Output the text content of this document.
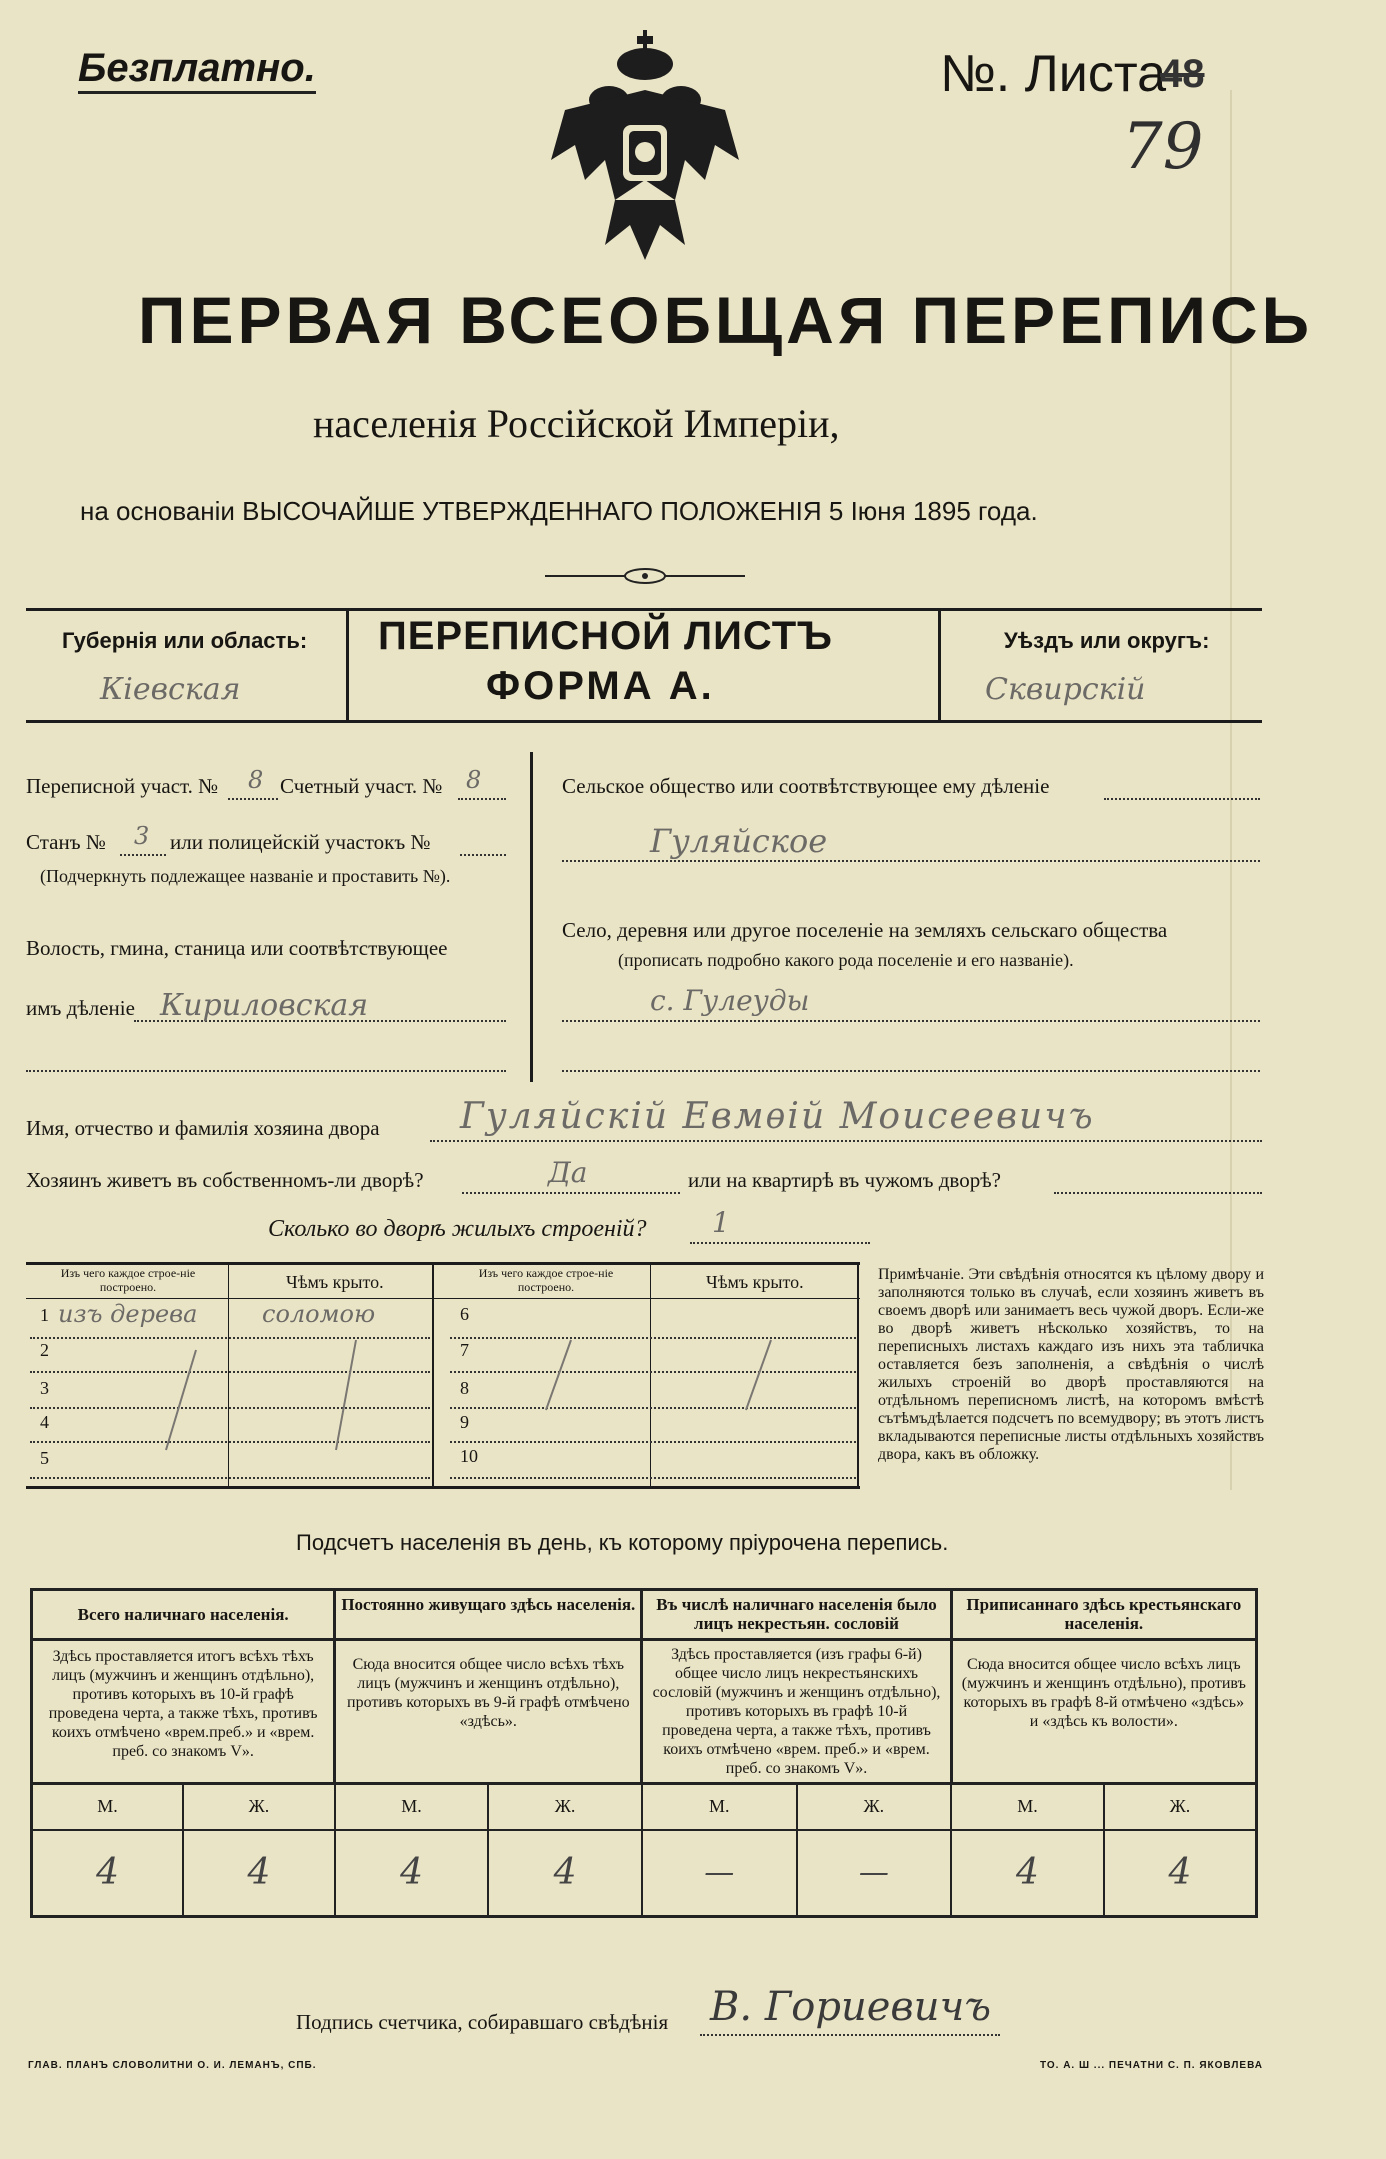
Безплатно.	№. Листа
48
79
ПЕРВАЯ ВСЕОБЩАЯ ПЕРЕПИСЬ
населенія Россійской Имперіи,
на основаніи ВЫСОЧАЙШЕ УТВЕРЖДЕННАГО ПОЛОЖЕНІЯ 5 Іюня 1895 года.
Губернія или область:
Кіевская
ПЕРЕПИСНОЙ ЛИСТЪ
ФОРМА А.
Уѣздъ или округъ:
Сквирскій
Переписной участ. № 8 Счетный участ. № 8
Станъ № 3 или полицейскій участокъ №
(Подчеркнуть подлежащее названіе и проставить №).
Волость, гмина, станица или соотвѣтствующее
имъ дѣленіе Кириловская
Сельское общество или соотвѣтствующее ему дѣленіе
Гуляйское
Село, деревня или другое поселеніе на земляхъ сельскаго общества
(прописать подробно какого рода поселеніе и его названіе).
с. Гулеуды
Имя, отчество и фамилія хозяина двора Гуляйскій Евмѳій Моисеевичъ
Хозяинъ живетъ въ собственномъ-ли дворѣ?	Да	или на квартирѣ въ чужомъ дворѣ?
Сколько во дворѣ жилыхъ строеній? 1
Изъ чего каждое строе-ніе построено.	Чѣмъ крыто.	Изъ чего каждое строе-ніе построено.	Чѣмъ крыто.
1 изъ дерева	соломою
2
3
4
5
6
7
8
9
10
Примѣчаніе. Эти свѣдѣнія относятся къ цѣлому двору и заполняются только въ случаѣ, если хозяинъ живетъ въ своемъ дворѣ или занимаетъ весь чужой дворъ. Если-же во дворѣ живетъ нѣсколько хозяйствъ, то на переписныхъ листахъ каждаго изъ нихъ эта табличка оставляется безъ заполненія, а свѣдѣнія о числѣ жилыхъ строеній во дворѣ проставляются на отдѣльномъ переписномъ листѣ, на которомъ вмѣстѣ сътѣмъдѣлается подсчетъ по всемудвору; въ этотъ листъ вкладываются переписные листы отдѣльныхъ хозяйствъ двора, какъ въ обложку.
Подсчетъ населенія въ день, къ которому пріурочена перепись.
Всего наличнаго населенія.		Постоянно живущаго здѣсь населенія.		Въ числѣ наличнаго населенія было лицъ некрестьян. сословій		Приписаннаго здѣсь крестьянскаго населенія.	

Здѣсь проставляется итогъ всѣхъ тѣхъ лицъ (мужчинъ и женщинъ отдѣльно), противъ которыхъ въ 10-й графѣ проведена черта, а также тѣхъ, противъ коихъ отмѣчено «врем.преб.» и «врем. преб. со знакомъ V».		Сюда вносится общее число всѣхъ тѣхъ лицъ (мужчинъ и женщинъ отдѣльно), противъ которыхъ въ 9-й графѣ отмѣчено «здѣсь».		Здѣсь проставляется (изъ графы 6-й) общее число лицъ некрестьянскихъ сословій (мужчинъ и женщинъ отдѣльно), противъ которыхъ въ графѣ 10-й проведена черта, а также тѣхъ, противъ коихъ отмѣчено «врем. преб.» и «врем. преб. со знакомъ V».		Сюда вносится общее число всѣхъ лицъ (мужчинъ и женщинъ отдѣльно), противъ которыхъ въ графѣ 8-й отмѣчено «здѣсь» и «здѣсь къ волости».	

М.	Ж.	М.	Ж.	М.	Ж.	М.	Ж.
4	4	4	4	—	—	4	4
Подпись счетчика, собиравшаго свѣдѣнія В. Гориевичъ
ГЛАВ. ПЛАНЪ СЛОВОЛИТНИ О. И. ЛЕМАНЪ, СПБ.	ТО. А. Ш ... ПЕЧАТНИ С. П. ЯКОВЛЕВА
